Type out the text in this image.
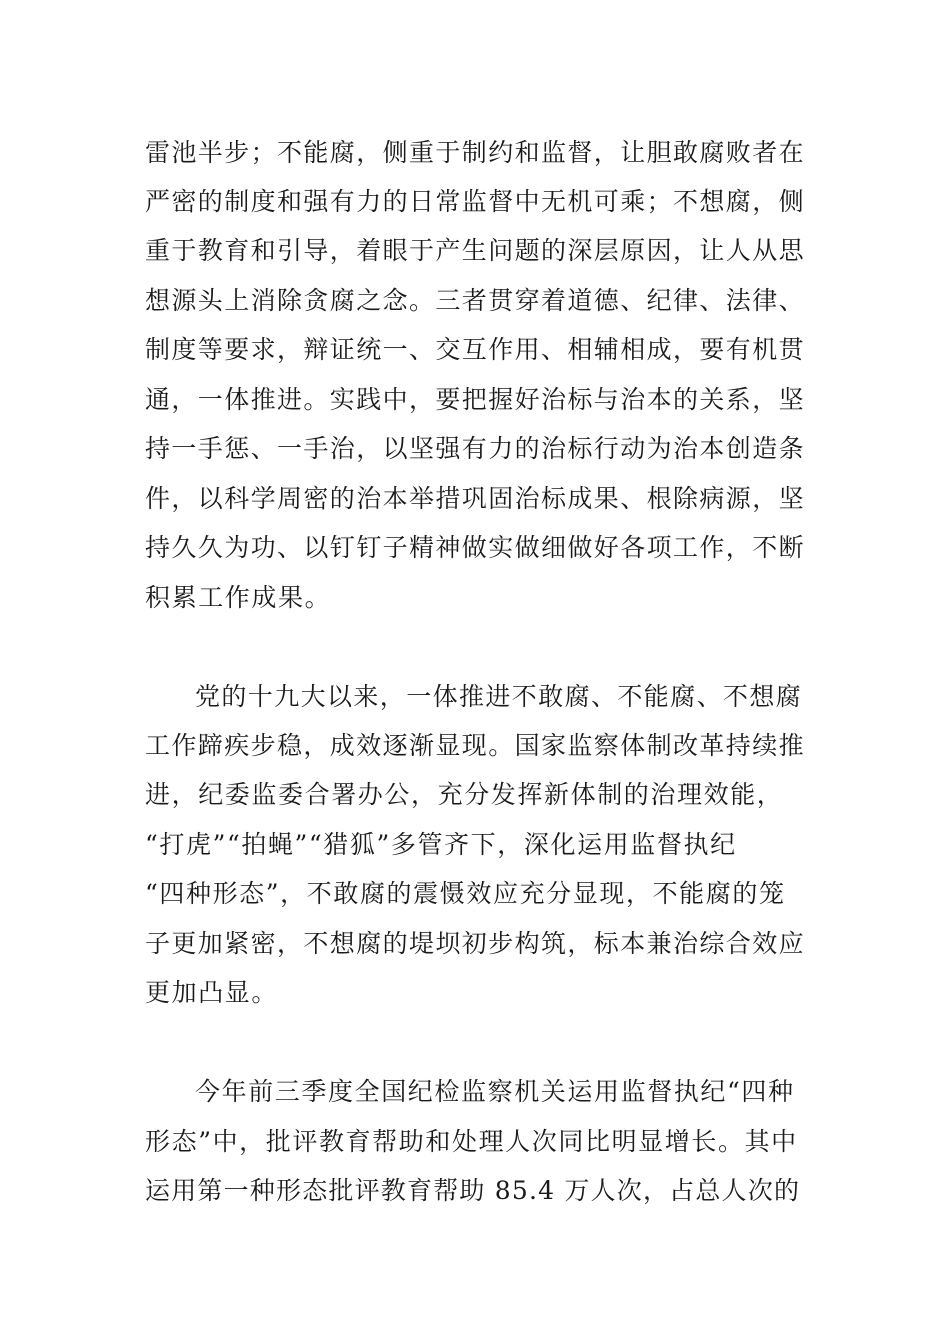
雷池半步；不能腐，侧重于制约和监督，让胆敢腐败者在
严密的制度和强有力的日常监督中无机可乘；不想腐，侧
重于教育和引导，着眼于产生问题的深层原因，让人从思
想源头上消除贪腐之念。三者贯穿着道德、纪律、法律、
制度等要求，辩证统一、交互作用、相辅相成，要有机贯
通，一体推进。实践中，要把握好治标与治本的关系，坚
持一手惩、一手治，以坚强有力的治标行动为治本创造条
件，以科学周密的治本举措巩固治标成果、根除病源，坚
持久久为功、以钉钉子精神做实做细做好各项工作，不断
积累工作成果。
党的十九大以来，一体推进不敢腐、不能腐、不想腐
工作蹄疾步稳，成效逐渐显现。国家监察体制改革持续推
进，纪委监委合署办公，充分发挥新体制的治理效能，
“打虎”“拍蝇”“猎狐”多管齐下，深化运用监督执纪
“四种形态”，不敢腐的震慑效应充分显现，不能腐的笼
子更加紧密，不想腐的堤坝初步构筑，标本兼治综合效应
更加凸显。
今年前三季度全国纪检监察机关运用监督执纪“四种
形态”中，批评教育帮助和处理人次同比明显增长。其中
运用第一种形态批评教育帮助 85.4 万人次，占总人次的
